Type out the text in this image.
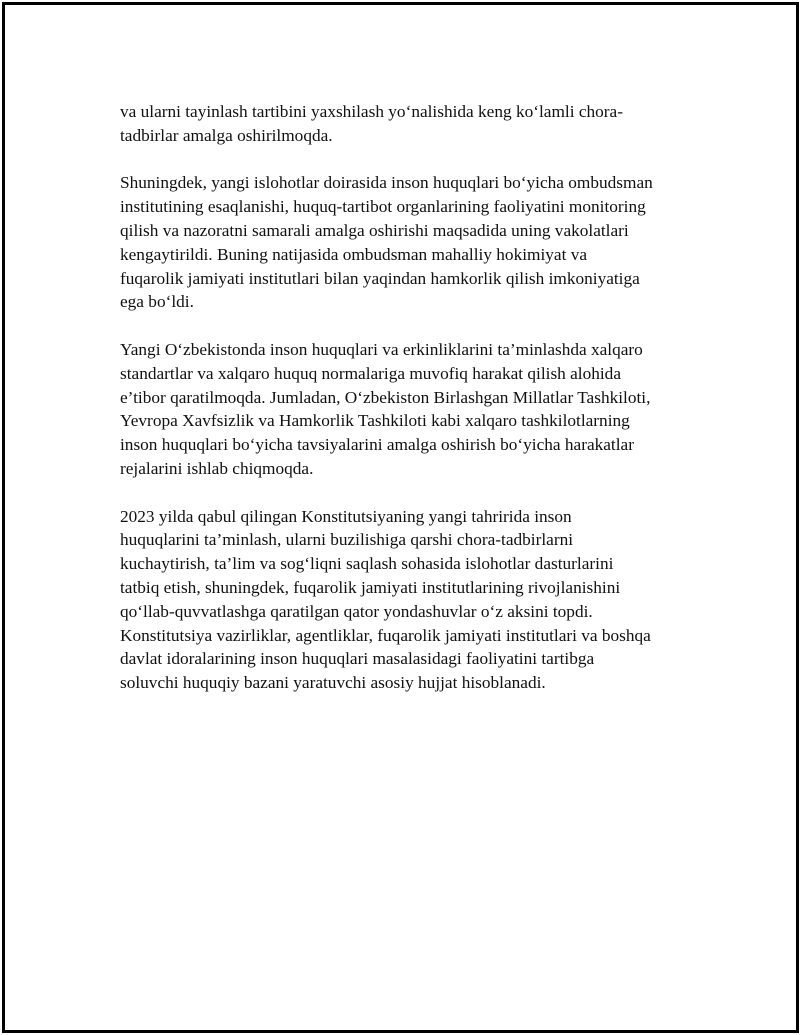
va ularni tayinlash tartibini yaxshilash yo‘nalishida keng ko‘lamli chora-
tadbirlar amalga oshirilmoqda.

Shuningdek, yangi islohotlar doirasida inson huquqlari bo‘yicha ombudsman
institutining esaqlanishi, huquq-tartibot organlarining faoliyatini monitoring
qilish va nazoratni samarali amalga oshirishi maqsadida uning vakolatlari
kengaytirildi. Buning natijasida ombudsman mahalliy hokimiyat va
fuqarolik jamiyati institutlari bilan yaqindan hamkorlik qilish imkoniyatiga
ega bo‘ldi.

Yangi O‘zbekistonda inson huquqlari va erkinliklarini ta’minlashda xalqaro
standartlar va xalqaro huquq normalariga muvofiq harakat qilish alohida
e’tibor qaratilmoqda. Jumladan, O‘zbekiston Birlashgan Millatlar Tashkiloti,
Yevropa Xavfsizlik va Hamkorlik Tashkiloti kabi xalqaro tashkilotlarning
inson huquqlari bo‘yicha tavsiyalarini amalga oshirish bo‘yicha harakatlar
rejalarini ishlab chiqmoqda.

2023 yilda qabul qilingan Konstitutsiyaning yangi tahririda inson
huquqlarini ta’minlash, ularni buzilishiga qarshi chora-tadbirlarni
kuchaytirish, ta’lim va sog‘liqni saqlash sohasida islohotlar dasturlarini
tatbiq etish, shuningdek, fuqarolik jamiyati institutlarining rivojlanishini
qo‘llab-quvvatlashga qaratilgan qator yondashuvlar o‘z aksini topdi.
Konstitutsiya vazirliklar, agentliklar, fuqarolik jamiyati institutlari va boshqa
davlat idoralarining inson huquqlari masalasidagi faoliyatini tartibga
soluvchi huquqiy bazani yaratuvchi asosiy hujjat hisoblanadi.
